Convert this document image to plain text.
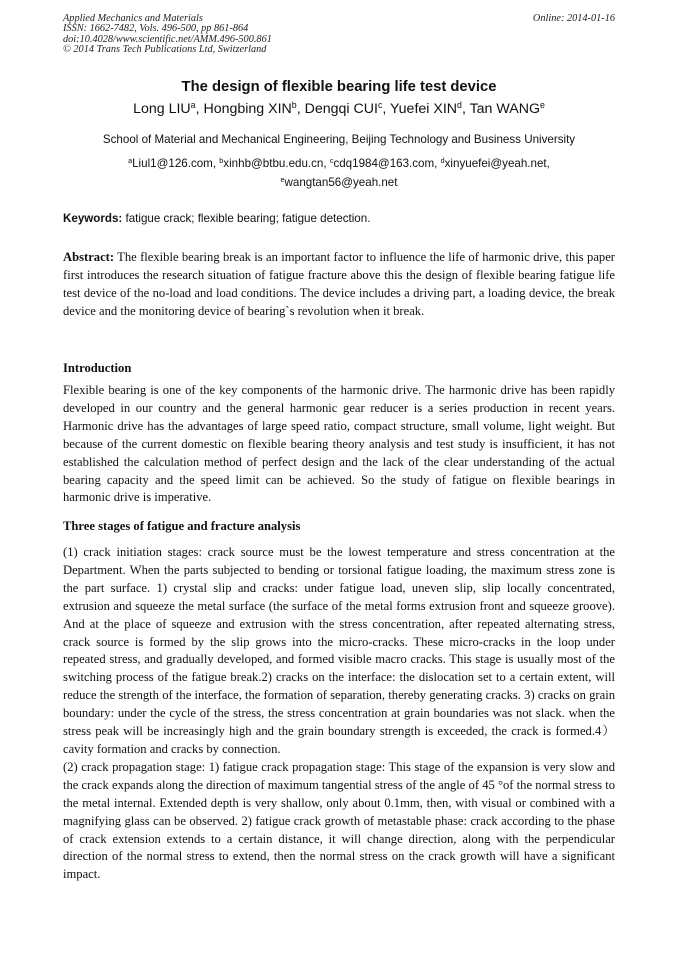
Applied Mechanics and Materials
ISSN: 1662-7482, Vols. 496-500, pp 861-864
doi:10.4028/www.scientific.net/AMM.496-500.861
© 2014 Trans Tech Publications Ltd, Switzerland
Online: 2014-01-16
The design of flexible bearing life test device
Long LIU$^a$, Hongbing XIN$^b$, Dengqi CUI$^c$, Yuefei XIN$^d$, Tan WANG$^e$
School of Material and Mechanical Engineering, Beijing Technology and Business University
$^a$Liul1@126.com, $^b$xinhb@btbu.edu.cn, $^c$cdq1984@163.com, $^d$xinyuefei@yeah.net,
$^e$wangtan56@yeah.net
Keywords: fatigue crack; flexible bearing; fatigue detection.
Abstract: The flexible bearing break is an important factor to influence the life of harmonic drive, this paper first introduces the research situation of fatigue fracture above this the design of flexible bearing fatigue life test device of the no-load and load conditions. The device includes a driving part, a loading device, the break device and the monitoring device of bearing`s revolution when it break.
Introduction
Flexible bearing is one of the key components of the harmonic drive. The harmonic drive has been rapidly developed in our country and the general harmonic gear reducer is a series production in recent years. Harmonic drive has the advantages of large speed ratio, compact structure, small volume, light weight. But because of the current domestic on flexible bearing theory analysis and test study is insufficient, it has not established the calculation method of perfect design and the lack of the clear understanding of the actual bearing capacity and the speed limit can be achieved. So the study of fatigue on flexible bearings in harmonic drive is imperative.
Three stages of fatigue and fracture analysis

(1) crack initiation stages: crack source must be the lowest temperature and stress concentration at the Department. When the parts subjected to bending or torsional fatigue loading, the maximum stress zone is the part surface. 1) crystal slip and cracks: under fatigue load, uneven slip, slip locally concentrated, extrusion and squeeze the metal surface (the surface of the metal forms extrusion front and squeeze groove). And at the place of squeeze and extrusion with the stress concentration, after repeated alternating stress, crack source is formed by the slip grows into the micro-cracks. These micro-cracks in the loop under repeated stress, and gradually developed, and formed visible macro cracks. This stage is usually most of the switching process of the fatigue break.2) cracks on the interface: the dislocation set to a certain extent, will reduce the strength of the interface, the formation of separation, thereby generating cracks. 3) cracks on grain boundary: under the cycle of the stress, the stress concentration at grain boundaries was not slack. when the stress peak will be increasingly high and the grain boundary strength is exceeded, the crack is formed.4）cavity formation and cracks by connection.

(2) crack propagation stage: 1) fatigue crack propagation stage: This stage of the expansion is very slow and the crack expands along the direction of maximum tangential stress of the angle of 45 °of the normal stress to the metal internal. Extended depth is very shallow, only about 0.1mm, then, with visual or combined with a magnifying glass can be observed. 2) fatigue crack growth of metastable phase: crack according to the phase of crack extension extends to a certain distance, it will change direction, along with the perpendicular direction of the normal stress to extend, then the normal stress on the crack growth will have a significant impact.
